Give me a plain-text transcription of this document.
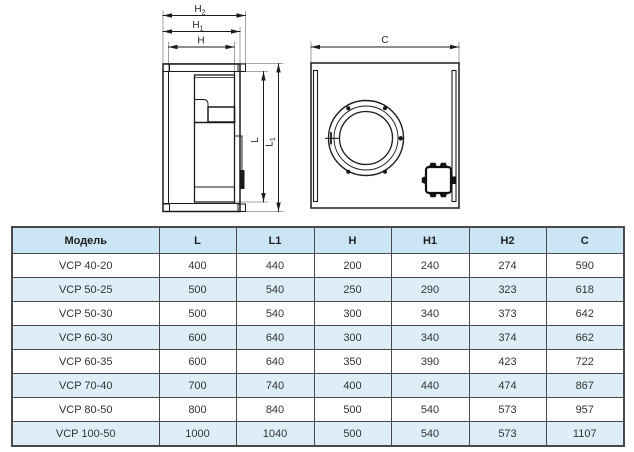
$H_2$
$H_1$
H
L
$L_1$
C
Модель	L	L1	H	H1	H2	C
VCP 40-20	400	440	200	240	274	590
VCP 50-25	500	540	250	290	323	618
VCP 50-30	500	540	300	340	373	642
VCP 60-30	600	640	300	340	374	662
VCP 60-35	600	640	350	390	423	722
VCP 70-40	700	740	400	440	474	867
VCP 80-50	800	840	500	540	573	957
VCP 100-50	1000	1040	500	540	573	1107
